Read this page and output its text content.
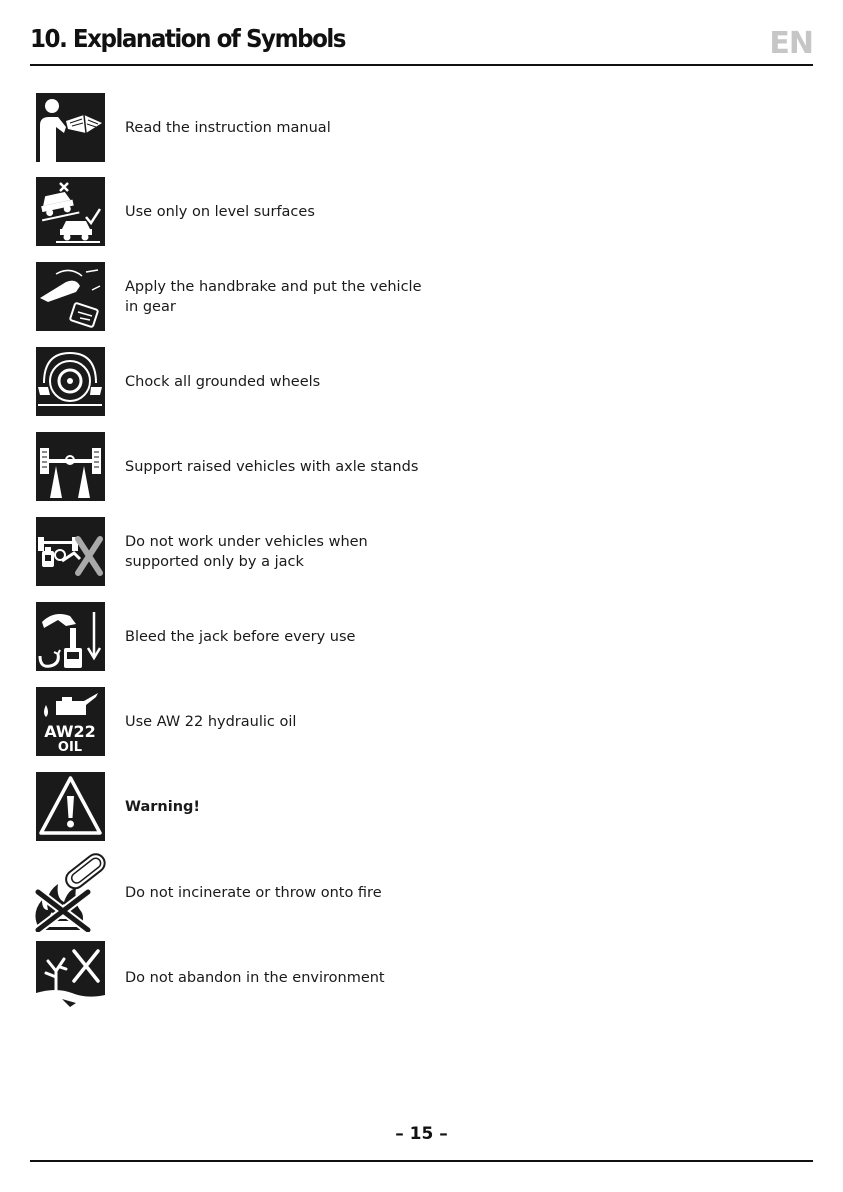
10. Explanation of Symbols	EN
Read the instruction manual
Use only on level surfaces
Apply the handbrake and put the vehicle
in gear
Chock all grounded wheels
Support raised vehicles with axle stands
Do not work under vehicles when
supported only by a jack
Bleed the jack before every use
AW22
OIL
Use AW 22 hydraulic oil
Warning!
Do not incinerate or throw onto fire
Do not abandon in the environment
– 15 –
